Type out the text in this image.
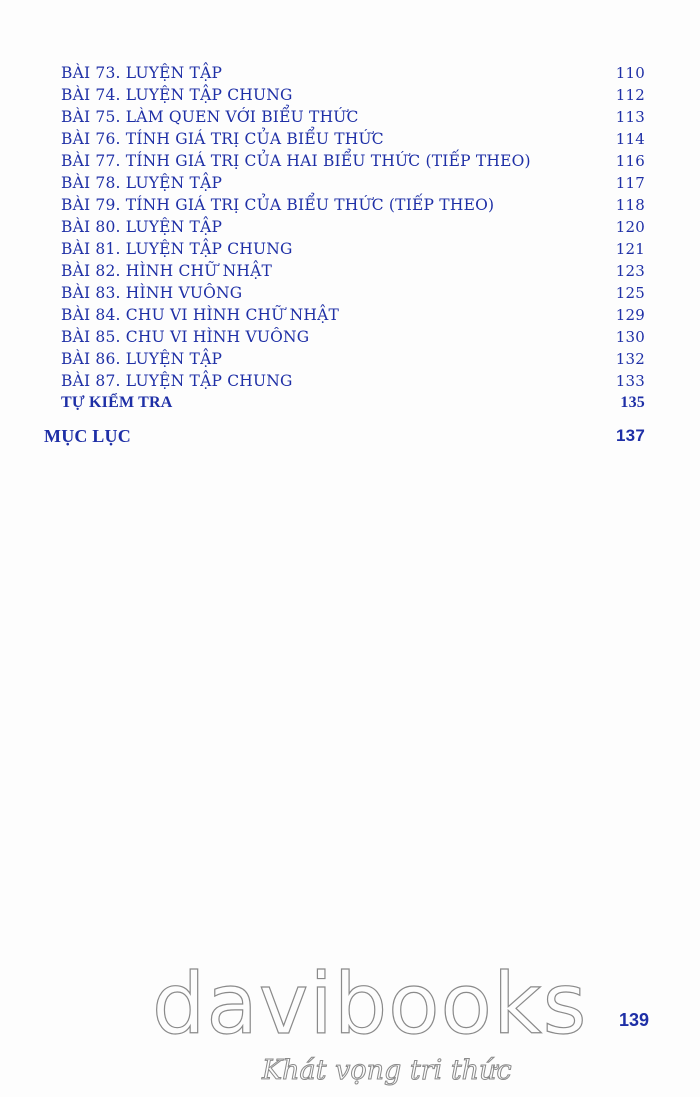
BÀI 73. LUYỆN TẬP	110
BÀI 74. LUYỆN TẬP CHUNG	112
BÀI 75. LÀM QUEN VỚI BIỂU THỨC	113
BÀI 76. TÍNH GIÁ TRỊ CỦA BIỂU THỨC	114
BÀI 77. TÍNH GIÁ TRỊ CỦA HAI BIỂU THỨC (TIẾP THEO)	116
BÀI 78. LUYỆN TẬP	117
BÀI 79. TÍNH GIÁ TRỊ CỦA BIỂU THỨC (TIẾP THEO)	118
BÀI 80. LUYỆN TẬP	120
BÀI 81. LUYỆN TẬP CHUNG	121
BÀI 82. HÌNH CHỮ NHẬT	123
BÀI 83. HÌNH VUÔNG	125
BÀI 84. CHU VI HÌNH CHỮ NHẬT	129
BÀI 85. CHU VI HÌNH VUÔNG	130
BÀI 86. LUYỆN TẬP	132
BÀI 87. LUYỆN TẬP CHUNG	133
TỰ KIỂM TRA	135
MỤC LỤC	137
davibooks
Khát vọng tri thức
139
